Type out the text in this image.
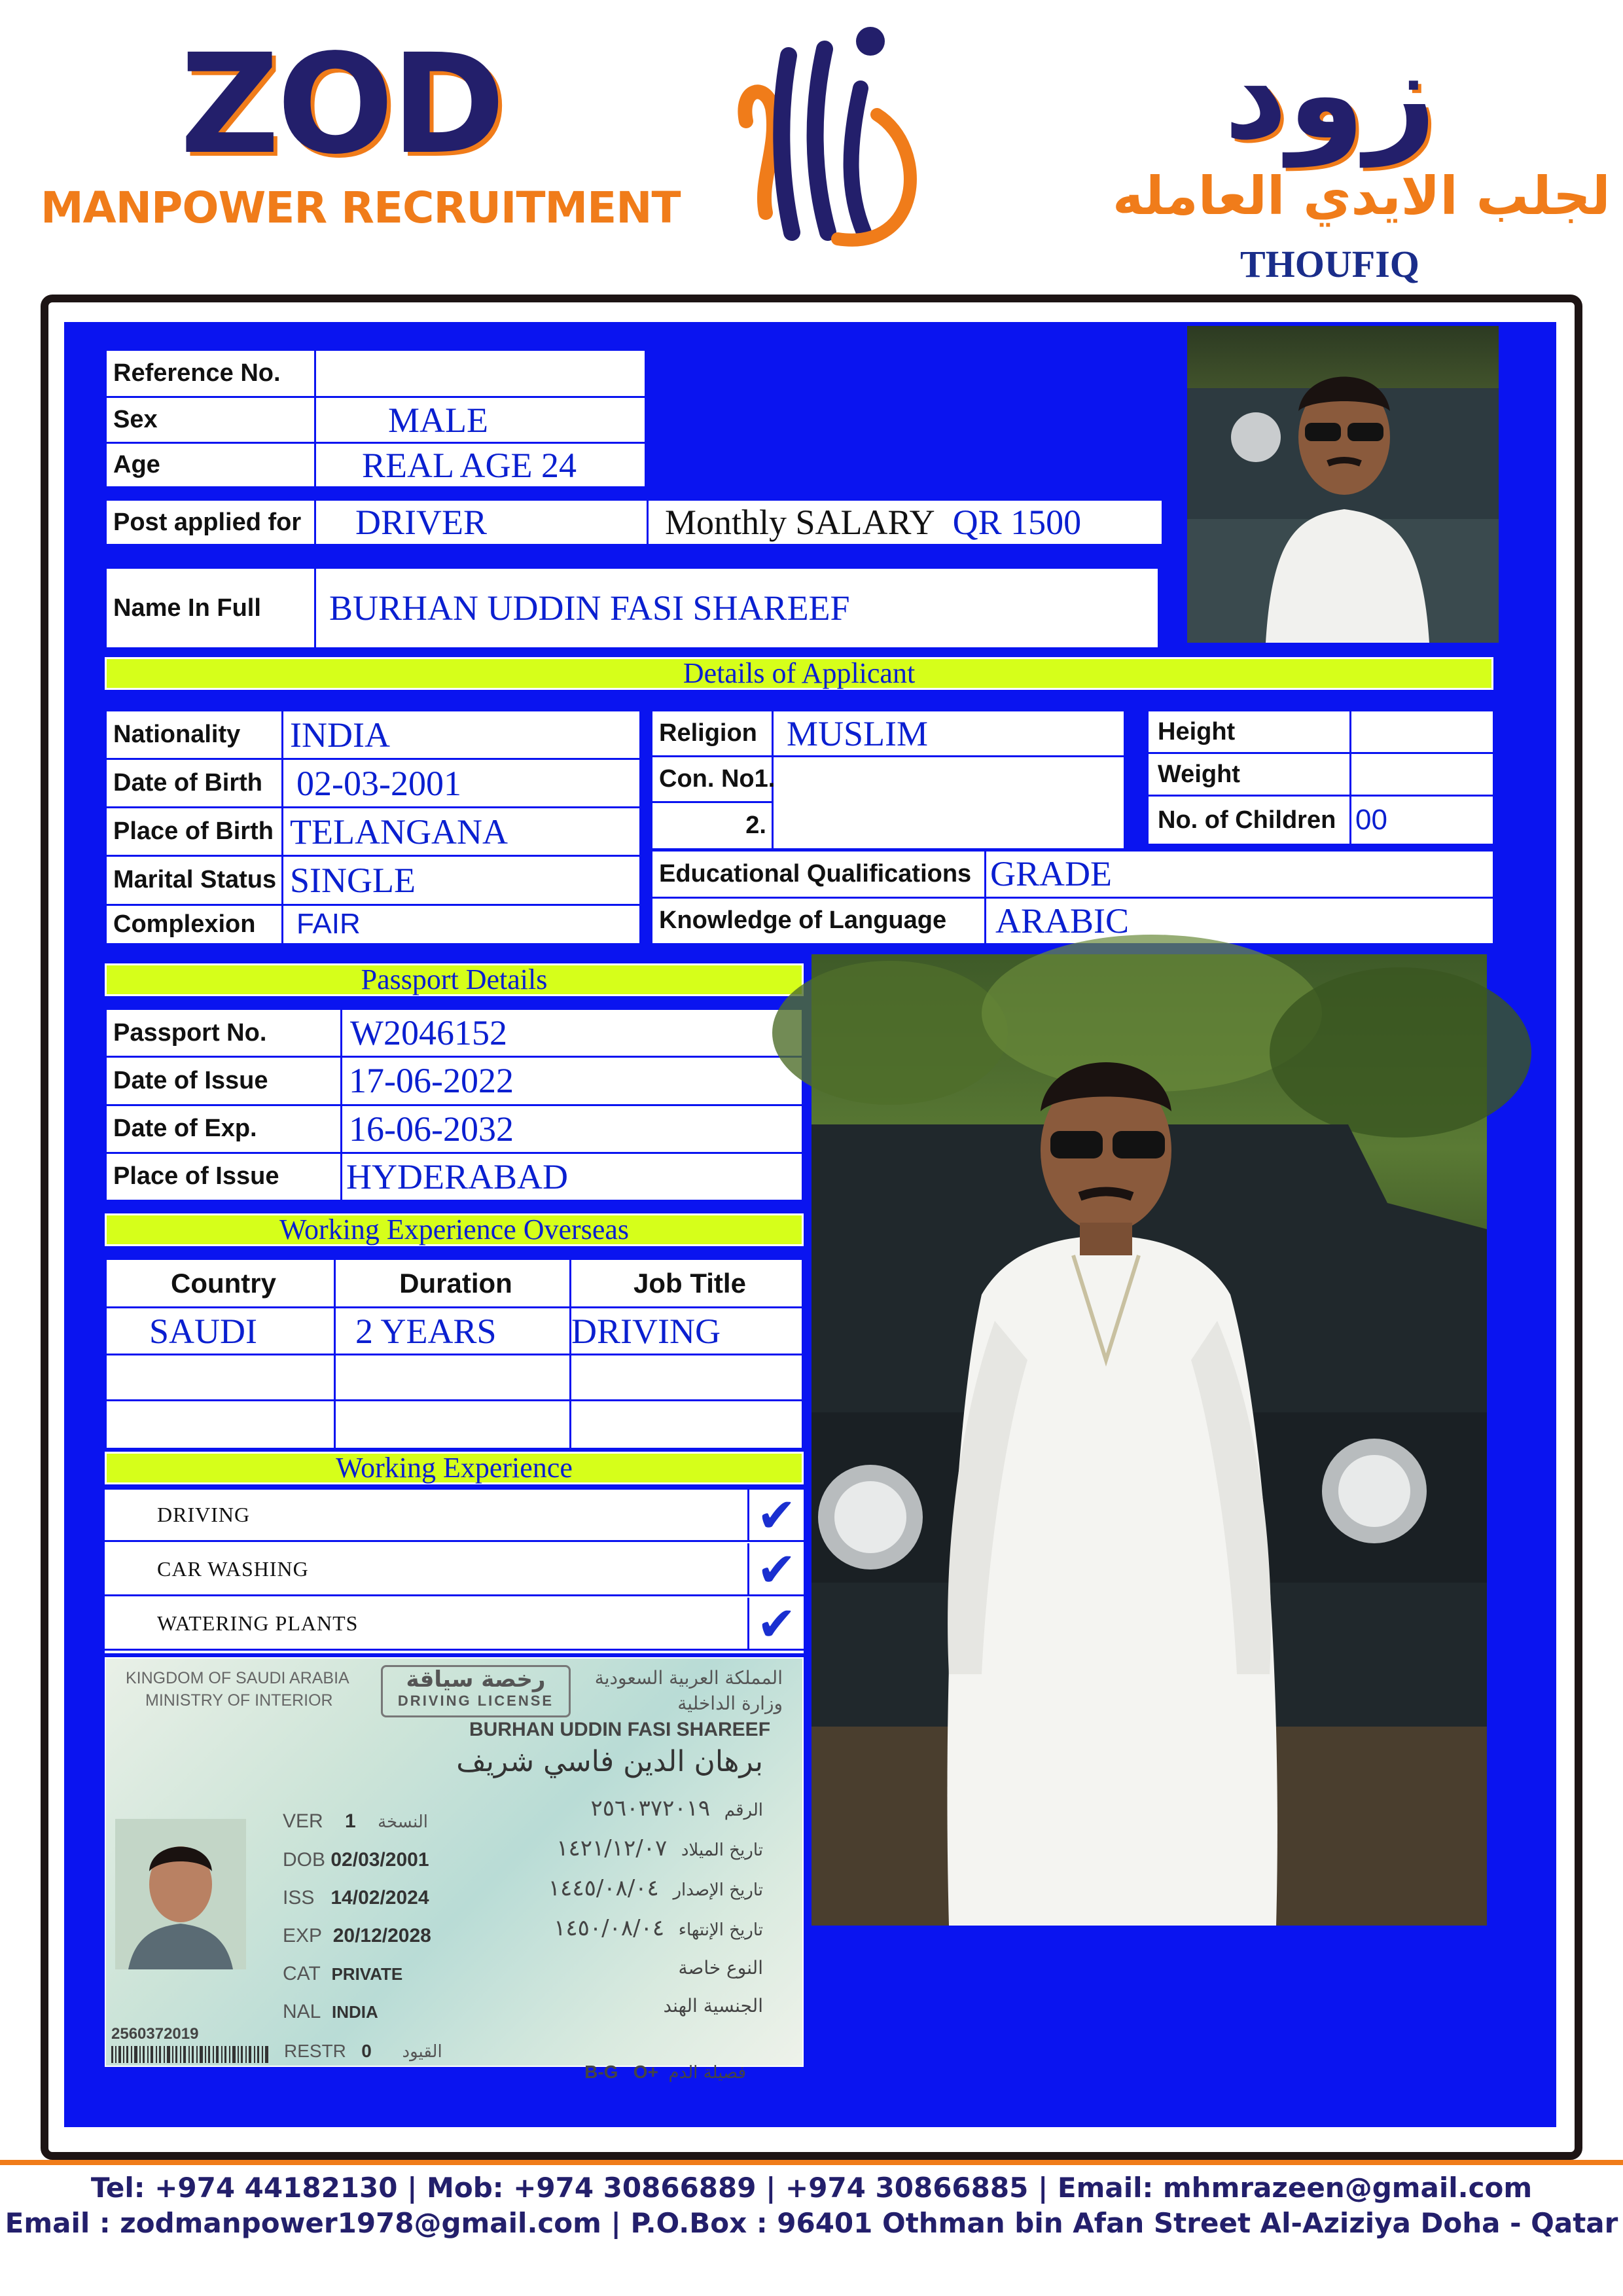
ZOD
MANPOWER RECRUITMENT
زود
لجلب الايدي العامله
THOUFIQ
Reference No.	
Sex	MALE
Age	REAL AGE 24
Post applied for	DRIVER	Monthly SALARY QR 1500
Name In Full	BURHAN UDDIN FASI SHAREEF
Details of Applicant
Nationality	INDIA
Date of Birth	02-03-2001
Place of Birth	TELANGANA
Marital Status	SINGLE
Complexion	FAIR
Religion	MUSLIM
Con. No1.	
2.	
Height	
Weight	
No. of Children	00
Educational Qualifications	GRADE
Knowledge of Language	ARABIC
Passport Details
Passport No.	W2046152
Date of Issue	17-06-2022
Date of Exp.	16-06-2032
Place of Issue	HYDERABAD
Working Experience Overseas
Country	Duration	Job Title
SAUDI	2 YEARS	DRIVING

Working Experience
DRIVING	✔
CAR WASHING	✔
WATERING PLANTS	✔
KINGDOM OF SAUDI ARABIA
MINISTRY OF INTERIOR
رخصة سياقة
DRIVING LICENSE
المملكة العربية السعودية
وزارة الداخلية
BURHAN UDDIN FASI SHAREEF
برهان الدين فاسي شريف
VER 1 النسخة
DOB 02/03/2001
ISS 14/02/2024
EXP 20/12/2028
CAT PRIVATE
NAL INDIA
الرقم  ٢٥٦٠٣٧٢٠١٩
تاريخ الميلاد  ١٤٢١/١٢/٠٧
تاريخ الإصدار  ١٤٤٥/٠٨/٠٤
تاريخ الإنتهاء  ١٤٥٠/٠٨/٠٤
النوع خاصة
الجنسية الهند
2560372019
RESTR 0 القيود

B-G   O+ فصيلة الدم

Tel: +974 44182130 | Mob: +974 30866889 | +974 30866885 | Email: mhmrazeen@gmail.com
Email : zodmanpower1978@gmail.com | P.O.Box : 96401 Othman bin Afan Street Al-Aziziya Doha - Qatar
